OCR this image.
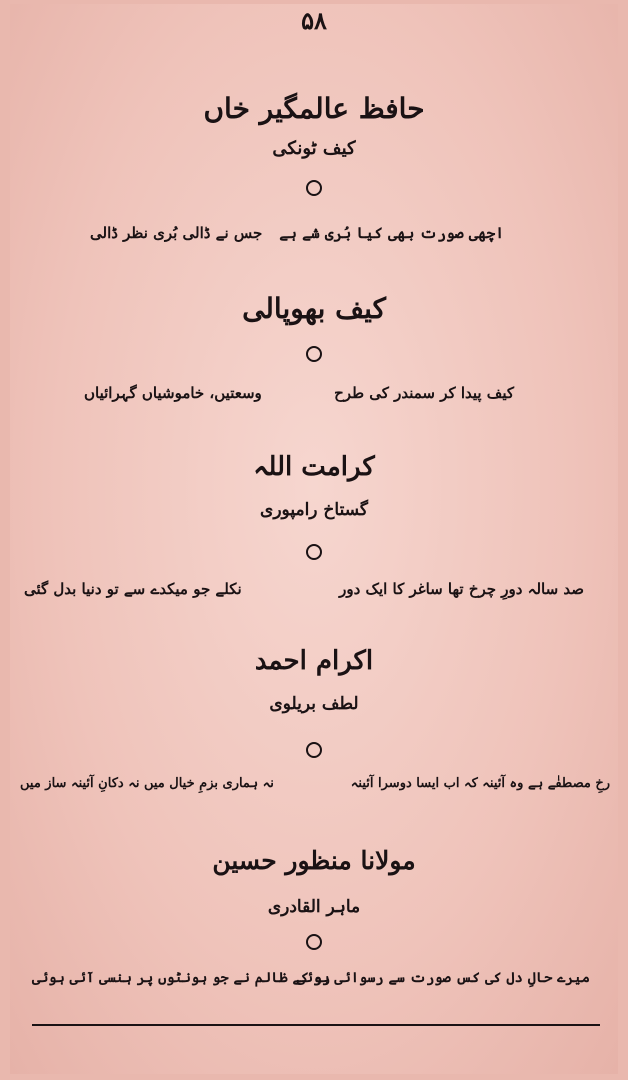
۵۸
حافظ عالمگیر خاں
کیف ٹونکی
اچھی صورت بھی کیا بُری شے ہے
جس نے ڈالی بُری نظر ڈالی
کیف بھوپالی
کیف پیدا کر سمندر کی طرح
وسعتیں، خاموشیاں گہرائیاں
کرامت اللہ
گستاخ رامپوری
صد سالہ دورِ چرخ تھا ساغر کا ایک دور
نکلے جو میکدے سے تو دنیا بدل گئی
اکرام احمد
لطف بریلوی
رخِ مصطفٰے ہے وہ آئینہ کہ اب ایسا دوسرا آئینہ
نہ ہماری بزمِ خیال میں نہ دکانِ آئینہ ساز میں
مولانا منظور حسین
ماہر القادری
میرے حالِ دل کی کس صورت سے رسوائی ہوئی
رو کے ظالم نے جو ہونٹوں پر ہنسی آئی ہوئی
